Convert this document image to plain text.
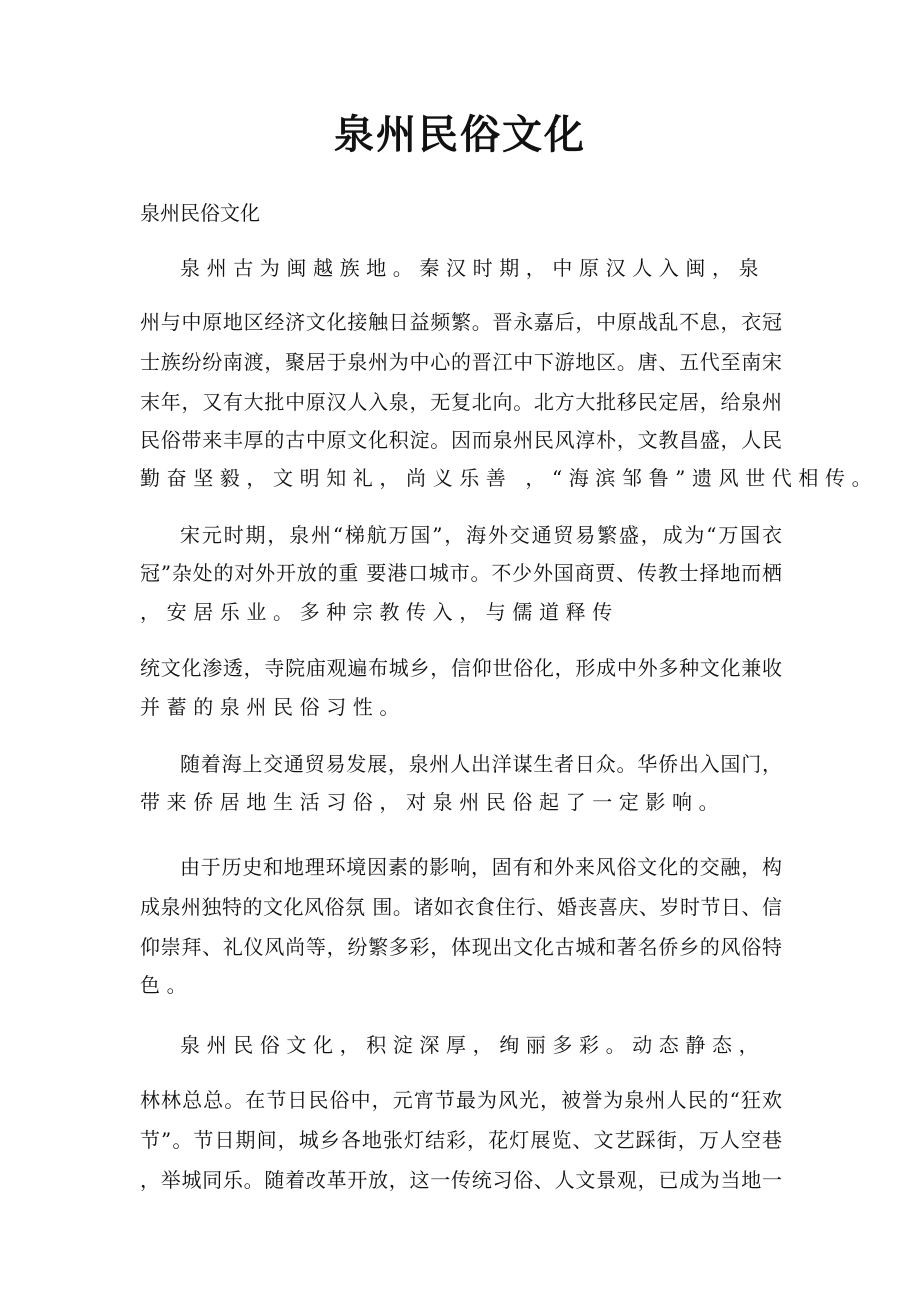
泉州民俗文化
泉州民俗文化
泉州古为闽越族地。秦汉时期，中原汉人入闽，泉
州与中原地区经济文化接触日益频繁。晋永嘉后，中原战乱不息，衣冠
士族纷纷南渡，聚居于泉州为中心的晋江中下游地区。唐、五代至南宋
末年，又有大批中原汉人入泉，无复北向。北方大批移民定居，给泉州
民俗带来丰厚的古中原文化积淀。因而泉州民风淳朴，文教昌盛，人民
勤奋坚毅，文明知礼，尚义乐善 ，“海滨邹鲁”遗风世代相传。
宋元时期，泉州“梯航万国”，海外交通贸易繁盛，成为“万国衣
冠”杂处的对外开放的重 要港口城市。不少外国商贾、传教士择地而栖
，安居乐业。多种宗教传入，与儒道释传
统文化渗透，寺院庙观遍布城乡，信仰世俗化，形成中外多种文化兼收
并蓄的泉州民俗习性。
随着海上交通贸易发展，泉州人出洋谋生者日众。华侨出入国门，
带来侨居地生活习俗，对泉州民俗起了一定影响。
由于历史和地理环境因素的影响，固有和外来风俗文化的交融，构
成泉州独特的文化风俗氛 围。诸如衣食住行、婚丧喜庆、岁时节日、信
仰崇拜、礼仪风尚等，纷繁多彩，体现出文化古城和著名侨乡的风俗特
色。
泉州民俗文化，积淀深厚，绚丽多彩。动态静态，
林林总总。在节日民俗中，元宵节最为风光，被誉为泉州人民的“狂欢
节”。节日期间，城乡各地张灯结彩，花灯展览、文艺踩街，万人空巷
，举城同乐。随着改革开放，这一传统习俗、人文景观，已成为当地一
